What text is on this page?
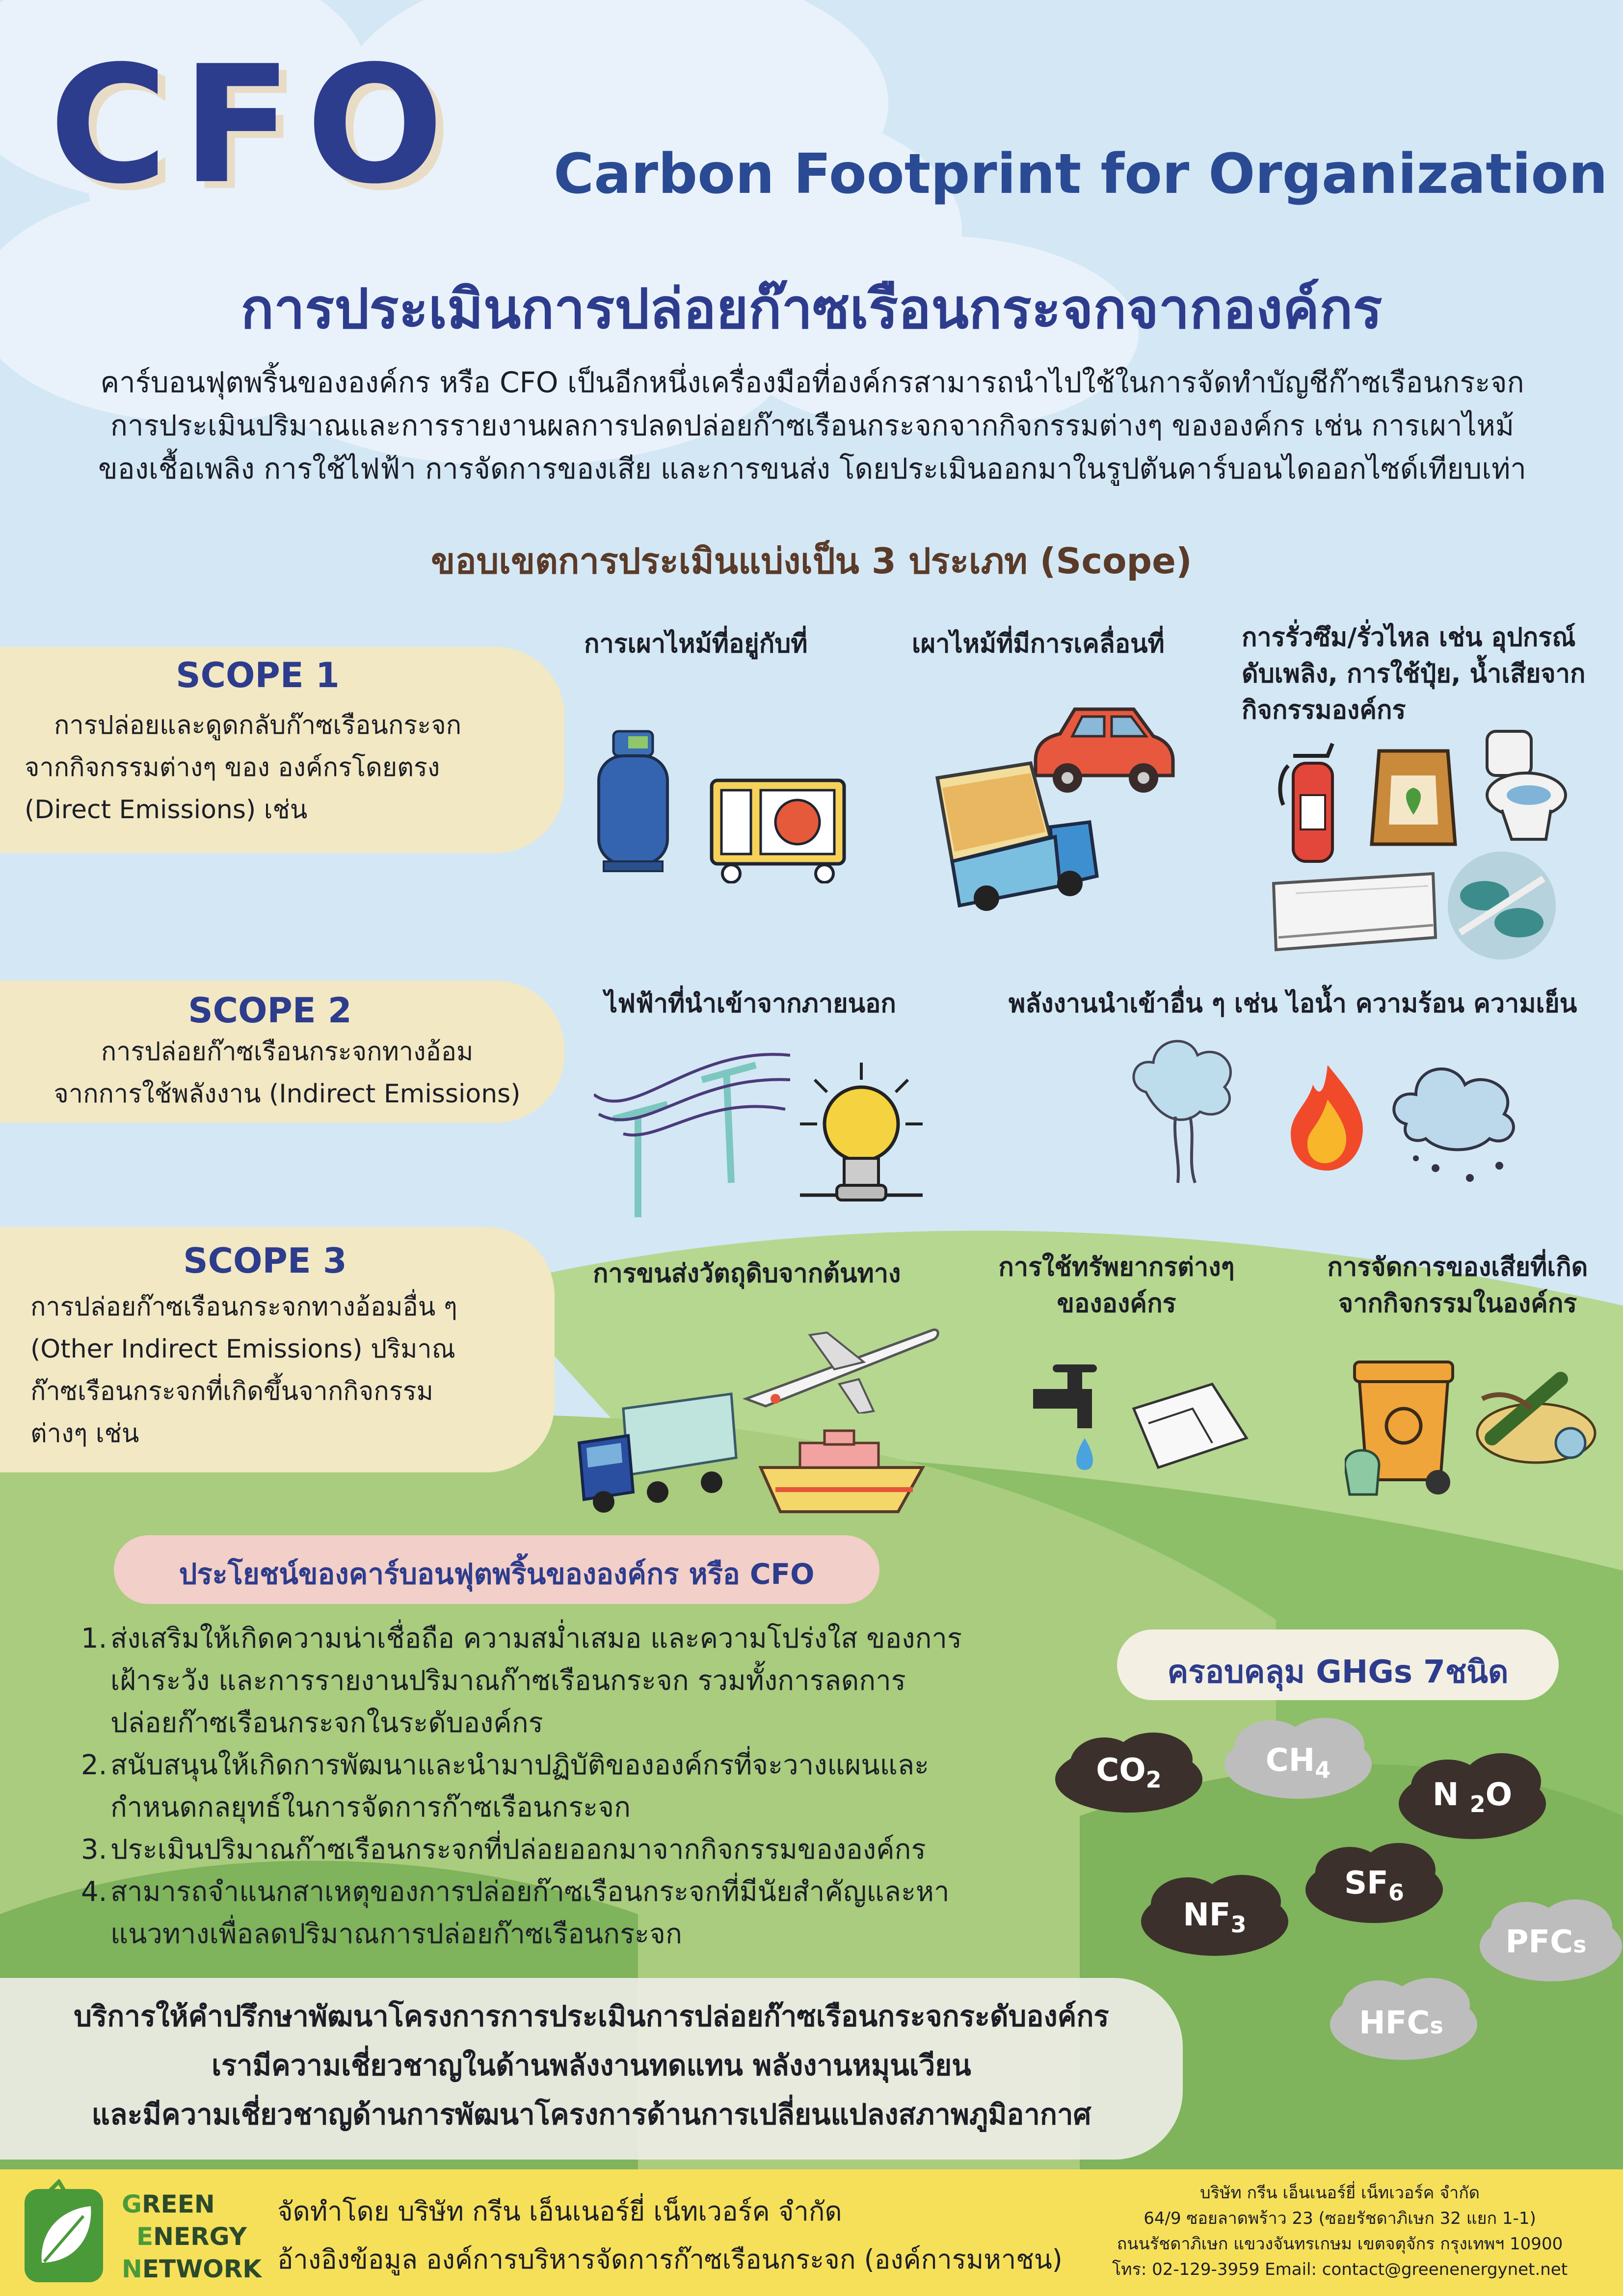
CFO Carbon Footprint for Organization
การประเมินการปล่อยก๊าซเรือนกระจกจากองค์กร
คาร์บอนฟุตพริ้นขององค์กร หรือ CFO เป็นอีกหนึ่งเครื่องมือที่องค์กรสามารถนำไปใช้ในการจัดทำบัญชีก๊าซเรือนกระจก
การประเมินปริมาณและการรายงานผลการปลดปล่อยก๊าซเรือนกระจกจากกิจกรรมต่างๆ ขององค์กร เช่น การเผาไหม้
ของเชื้อเพลิง การใช้ไฟฟ้า การจัดการของเสีย และการขนส่ง โดยประเมินออกมาในรูปตันคาร์บอนไดออกไซด์เทียบเท่า
ขอบเขตการประเมินแบ่งเป็น 3 ประเภท (Scope)
SCOPE 1
การปล่อยและดูดกลับก๊าซเรือนกระจก
จากกิจกรรมต่างๆ ของ องค์กรโดยตรง
(Direct Emissions) เช่น
การเผาไหม้ที่อยู่กับที่	เผาไหม้ที่มีการเคลื่อนที่	การรั่วซึม/รั่วไหล เช่น อุปกรณ์
ดับเพลิง, การใช้ปุ๋ย, น้ำเสียจาก
กิจกรรมองค์กร
SCOPE 2
การปล่อยก๊าซเรือนกระจกทางอ้อม
จากการใช้พลังงาน (Indirect Emissions)
ไฟฟ้าที่นำเข้าจากภายนอก	พลังงานนำเข้าอื่น ๆ เช่น ไอน้ำ ความร้อน ความเย็น
SCOPE 3
การปล่อยก๊าซเรือนกระจกทางอ้อมอื่น ๆ
(Other Indirect Emissions) ปริมาณ
ก๊าซเรือนกระจกที่เกิดขึ้นจากกิจกรรม
ต่างๆ เช่น
การขนส่งวัตถุดิบจากต้นทาง	การใช้ทรัพยากรต่างๆ
ขององค์กร
การจัดการของเสียที่เกิด
จากกิจกรรมในองค์กร
ประโยชน์ของคาร์บอนฟุตพริ้นขององค์กร หรือ CFO
1. ส่งเสริมให้เกิดความน่าเชื่อถือ ความสม่ำเสมอ และความโปร่งใส ของการ
เฝ้าระวัง และการรายงานปริมาณก๊าซเรือนกระจก รวมทั้งการลดการ
ปล่อยก๊าซเรือนกระจกในระดับองค์กร
2. สนับสนุนให้เกิดการพัฒนาและนำมาปฏิบัติขององค์กรที่จะวางแผนและ
กำหนดกลยุทธ์ในการจัดการก๊าซเรือนกระจก
3. ประเมินปริมาณก๊าซเรือนกระจกที่ปล่อยออกมาจากกิจกรรมขององค์กร
4. สามารถจำแนกสาเหตุของการปล่อยก๊าซเรือนกระจกที่มีนัยสำคัญและหา
แนวทางเพื่อลดปริมาณการปล่อยก๊าซเรือนกระจก
ครอบคลุม GHGs 7ชนิด
$CO_2$
$CH_4$
N $_2$O
$SF_6$
$NF_3$	PFCs
HFCs
บริการให้คำปรึกษาพัฒนาโครงการการประเมินการปล่อยก๊าซเรือนกระจกระดับองค์กร
เรามีความเชี่ยวชาญในด้านพลังงานทดแทน พลังงานหมุนเวียน
และมีความเชี่ยวชาญด้านการพัฒนาโครงการด้านการเปลี่ยนแปลงสภาพภูมิอากาศ
GREEN
ENERGY
NETWORK
จัดทำโดย บริษัท กรีน เอ็นเนอร์ยี่ เน็ทเวอร์ค จำกัด
อ้างอิงข้อมูล องค์การบริหารจัดการก๊าซเรือนกระจก (องค์การมหาชน)
บริษัท กรีน เอ็นเนอร์ยี่ เน็ทเวอร์ค จำกัด
64/9 ซอยลาดพร้าว 23 (ซอยรัชดาภิเษก 32 แยก 1-1)
ถนนรัชดาภิเษก แขวงจันทรเกษม เขตจตุจักร กรุงเทพฯ 10900
โทร: 02-129-3959 Email: contact@greenenergynet.net
